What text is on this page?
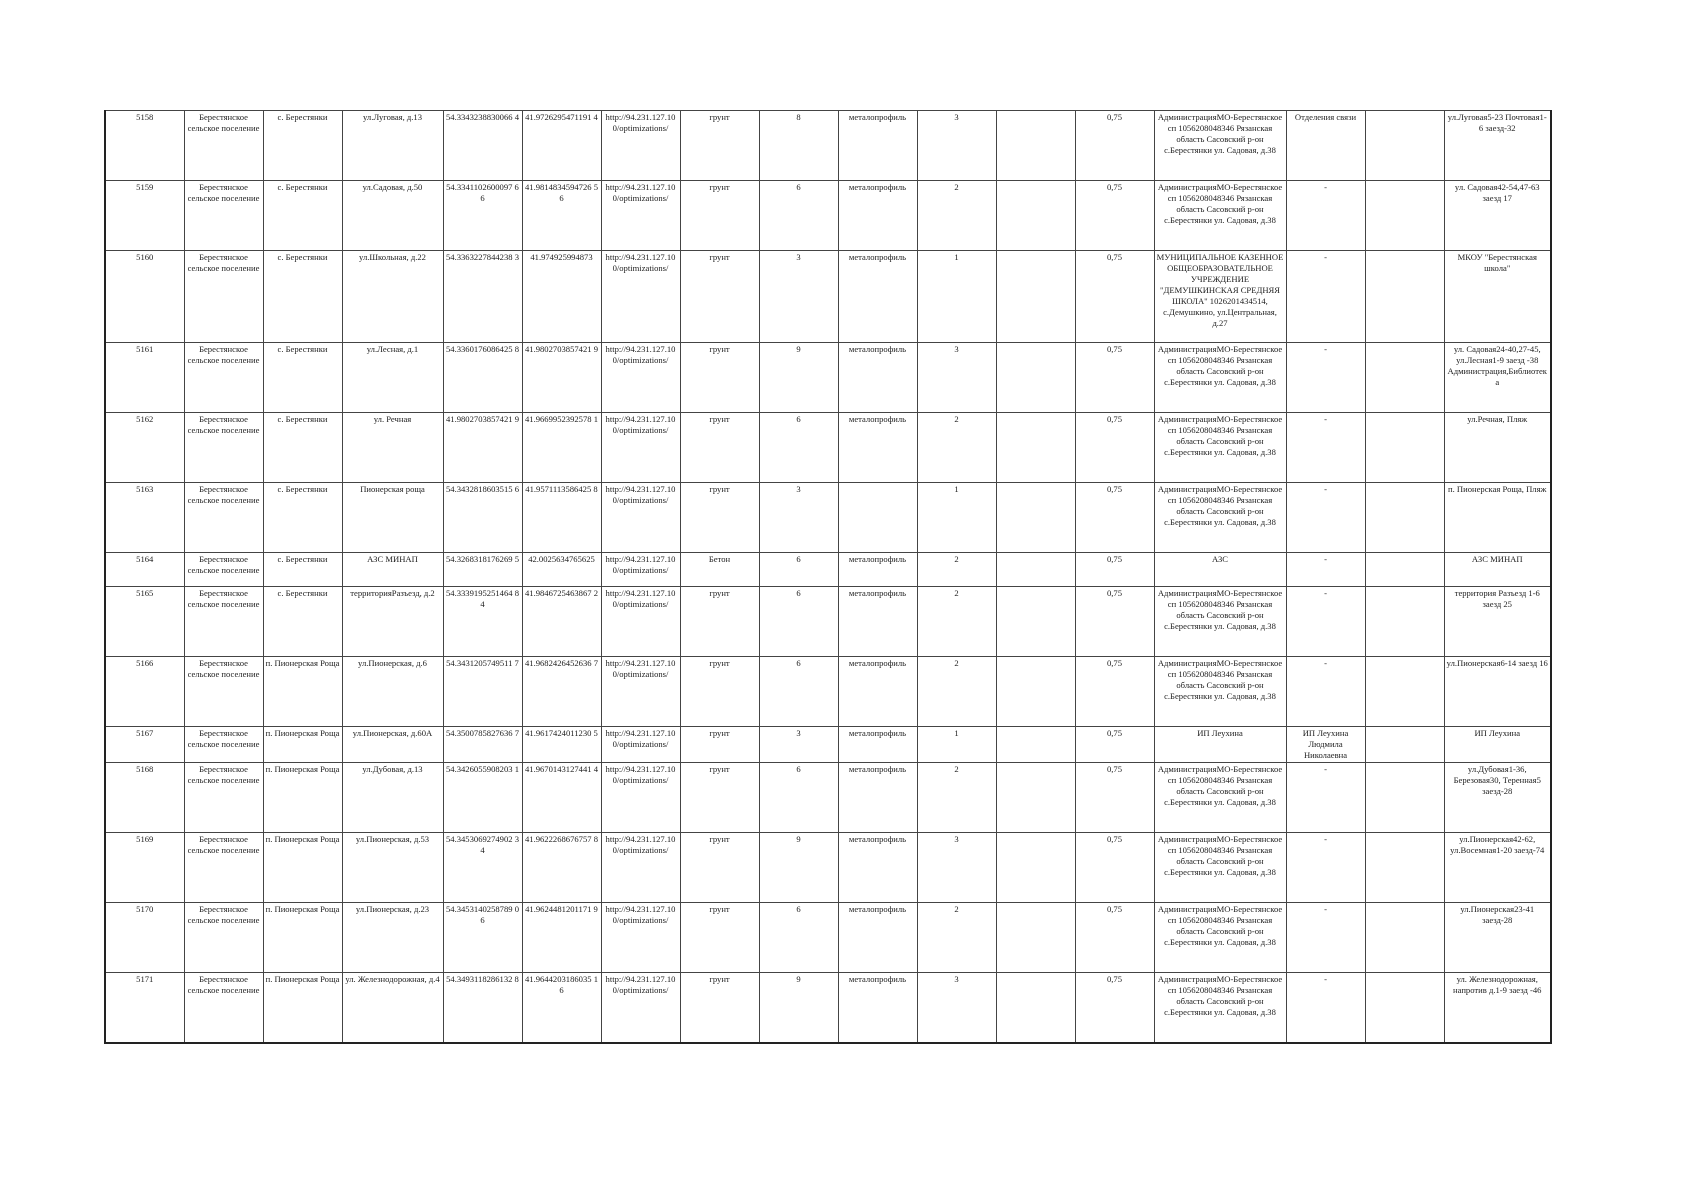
5158	Берестянское сельское поселение	с. Берестянки	ул.Луговая, д.13	54.3343238830066 4	41.9726295471191 4	http://94.231.127.10 0/optimizations/	грунт	8	металопрофиль	3		0,75	АдминистрацияМО-Берестянское сп 1056208048346 Рязанская область Сасовский р-он с.Берестянки ул. Садовая, д.38	Отделения связи		ул.Луговая5-23 Почтовая1-6 заезд-32
5159	Берестянское сельское поселение	с. Берестянки	ул.Садовая, д.50	54.3341102600097 66	41.9814834594726 56	http://94.231.127.10 0/optimizations/	грунт	6	металопрофиль	2		0,75	АдминистрацияМО-Берестянское сп 1056208048346 Рязанская область Сасовский р-он с.Берестянки ул. Садовая, д.38	-		ул. Садовая42-54,47-63 заезд 17
5160	Берестянское сельское поселение	с. Берестянки	ул.Школьная, д.22	54.3363227844238 3	41.974925994873	http://94.231.127.10 0/optimizations/	грунт	3	металопрофиль	1		0,75	МУНИЦИПАЛЬНОЕ КАЗЕННОЕ ОБЩЕОБРАЗОВАТЕЛЬНОЕ УЧРЕЖДЕНИЕ "ДЕМУШКИНСКАЯ СРЕДНЯЯ ШКОЛА" 1026201434514, с.Демушкино, ул.Центральная, д.27	-		МКОУ "Берестянская школа"
5161	Берестянское сельское поселение	с. Берестянки	ул.Лесная, д.1	54.3360176086425 8	41.9802703857421 9	http://94.231.127.10 0/optimizations/	грунт	9	металопрофиль	3		0,75	АдминистрацияМО-Берестянское сп 1056208048346 Рязанская область Сасовский р-он с.Берестянки ул. Садовая, д.38	-		ул. Садовая24-40,27-45, ул.Лесная1-9 заезд -38 Администрация,Библиотека
5162	Берестянское сельское поселение	с. Берестянки	ул. Речная	41.9802703857421 9	41.9669952392578 1	http://94.231.127.10 0/optimizations/	грунт	6	металопрофиль	2		0,75	АдминистрацияМО-Берестянское сп 1056208048346 Рязанская область Сасовский р-он с.Берестянки ул. Садовая, д.38	-		ул.Речная, Пляж
5163	Берестянское сельское поселение	с. Берестянки	Пионерская роща	54.3432818603515 6	41.9571113586425 8	http://94.231.127.10 0/optimizations/	грунт	3		1		0,75	АдминистрацияМО-Берестянское сп 1056208048346 Рязанская область Сасовский р-он с.Берестянки ул. Садовая, д.38	-		п. Пионерская Роща, Пляж
5164	Берестянское сельское поселение	с. Берестянки	АЗС МИНАП	54.3268318176269 5	42.0025634765625	http://94.231.127.10 0/optimizations/	Бетон	6	металопрофиль	2		0,75	АЗС	-		АЗС МИНАП
5165	Берестянское сельское поселение	с. Берестянки	территорияРазъезд, д.2	54.3339195251464 84	41.9846725463867 2	http://94.231.127.10 0/optimizations/	грунт	6	металопрофиль	2		0,75	АдминистрацияМО-Берестянское сп 1056208048346 Рязанская область Сасовский р-он с.Берестянки ул. Садовая, д.38	-		территория Разъезд 1-6 заезд 25
5166	Берестянское сельское поселение	п. Пионерская Роща	ул.Пионерская, д.6	54.3431205749511 7	41.9682426452636 7	http://94.231.127.10 0/optimizations/	грунт	6	металопрофиль	2		0,75	АдминистрацияМО-Берестянское сп 1056208048346 Рязанская область Сасовский р-он с.Берестянки ул. Садовая, д.38	-		ул.Пионерская6-14 заезд 16
5167	Берестянское сельское поселение	п. Пионерская Роща	ул.Пионерская, д.60А	54.3500785827636 7	41.9617424011230 5	http://94.231.127.10 0/optimizations/	грунт	3	металопрофиль	1		0,75	ИП Леухина	ИП Леухина Людмила Николаевна		ИП Леухина
5168	Берестянское сельское поселение	п. Пионерская Роща	ул.Дубовая, д.13	54.3426055908203 1	41.9670143127441 4	http://94.231.127.10 0/optimizations/	грунт	6	металопрофиль	2		0,75	АдминистрацияМО-Берестянское сп 1056208048346 Рязанская область Сасовский р-он с.Берестянки ул. Садовая, д.38	-		ул.Дубовая1-36, Березовая30, Теренная5 заезд-28
5169	Берестянское сельское поселение	п. Пионерская Роща	ул.Пионерская, д.53	54.3453069274902 34	41.9622268676757 8	http://94.231.127.10 0/optimizations/	грунт	9	металопрофиль	3		0,75	АдминистрацияМО-Берестянское сп 1056208048346 Рязанская область Сасовский р-он с.Берестянки ул. Садовая, д.38	-		ул.Пионерская42-62, ул.Восемная1-20 заезд-74
5170	Берестянское сельское поселение	п. Пионерская Роща	ул.Пионерская, д.23	54.3453140258789 06	41.9624481201171 9	http://94.231.127.10 0/optimizations/	грунт	6	металопрофиль	2		0,75	АдминистрацияМО-Берестянское сп 1056208048346 Рязанская область Сасовский р-он с.Берестянки ул. Садовая, д.38	-		ул.Пионерская23-41 заезд-28
5171	Берестянское сельское поселение	п. Пионерская Роща	ул. Железнодорожная, д.4	54.3493118286132 8	41.9644203186035 16	http://94.231.127.10 0/optimizations/	грунт	9	металопрофиль	3		0,75	АдминистрацияМО-Берестянское сп 1056208048346 Рязанская область Сасовский р-он с.Берестянки ул. Садовая, д.38	-		ул. Железнодорожная, напротив д.1-9 заезд -46
